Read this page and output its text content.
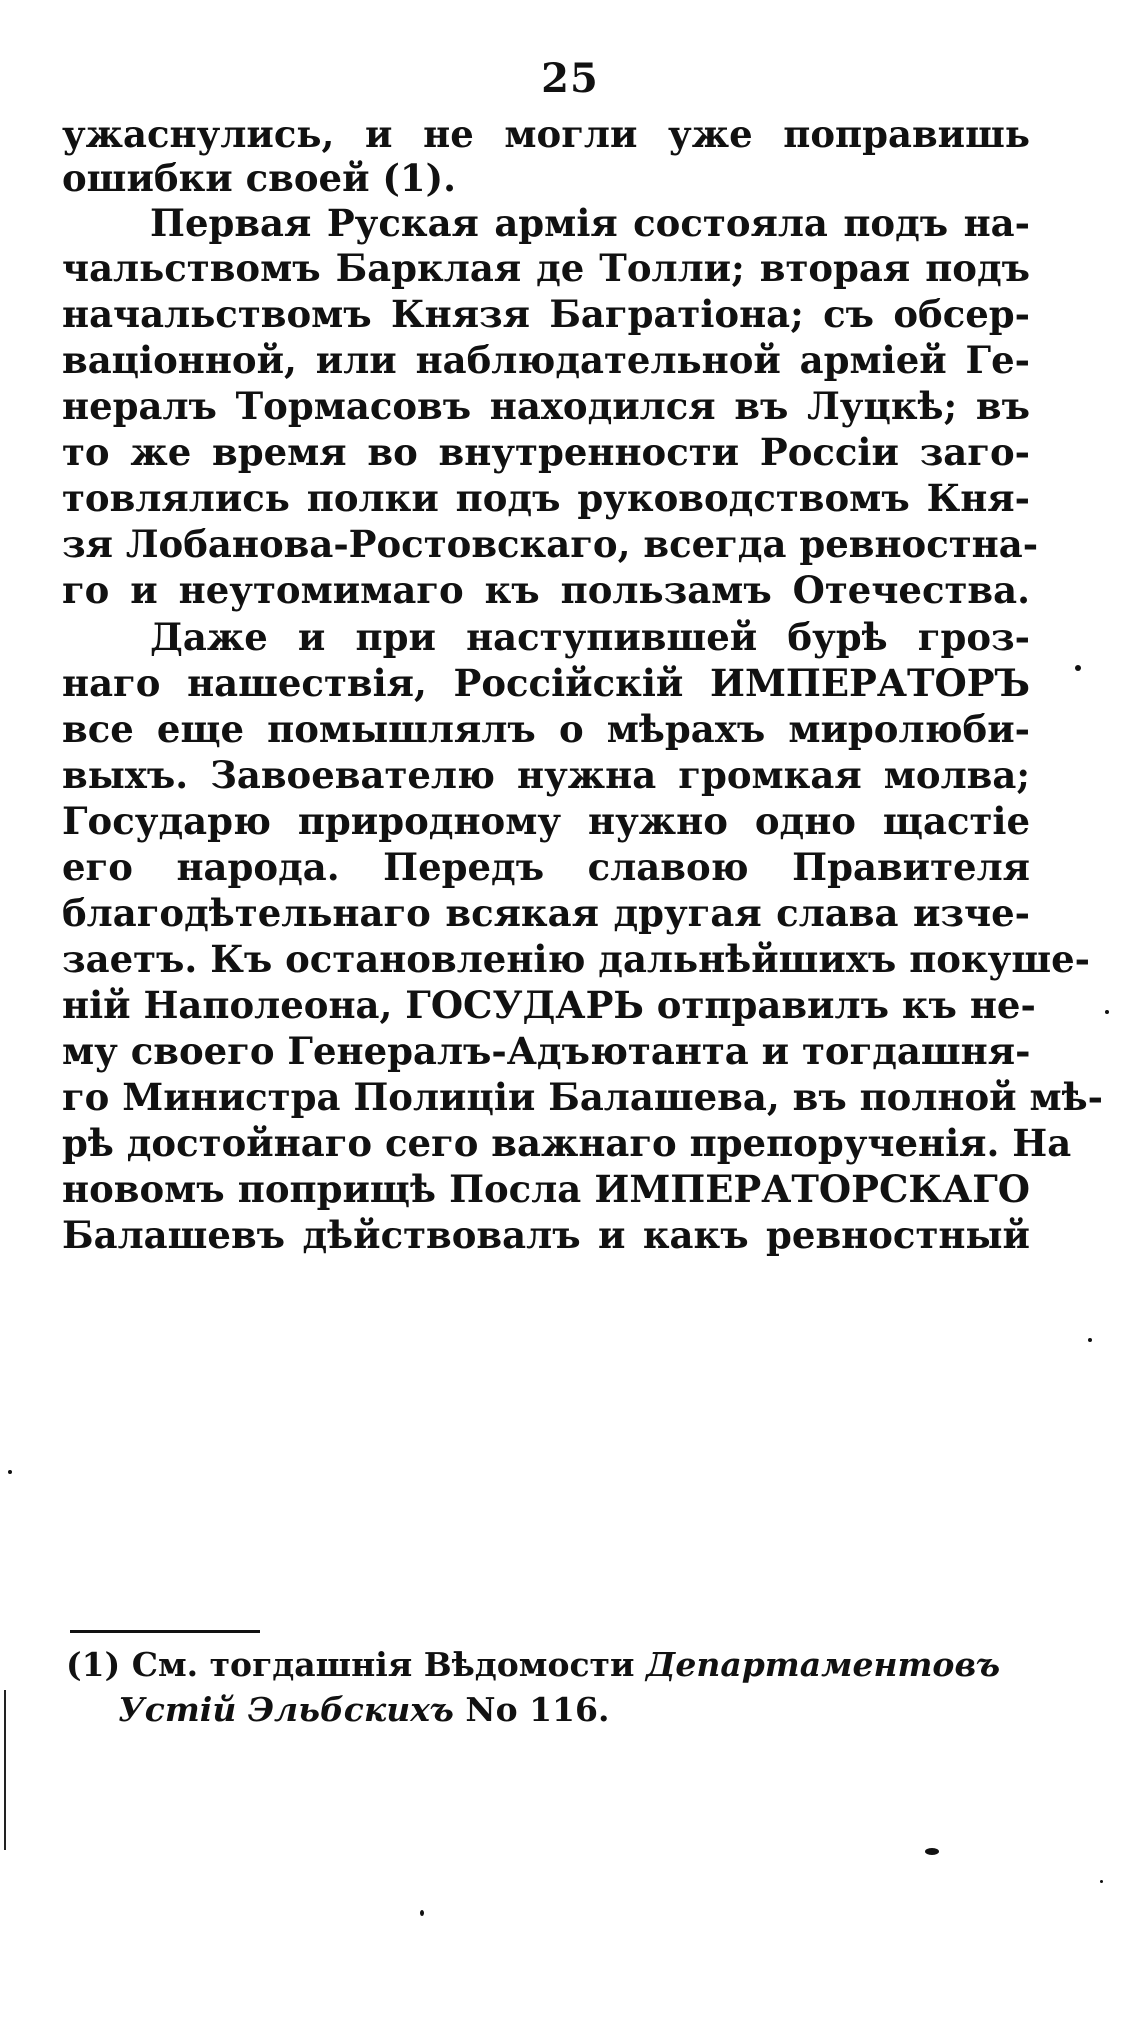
25
ужаснулись, и не могли уже поправишь
ошибки своей (1).
Первая Руская армія состояла подъ на-
чальствомъ Барклая де Толли; вторая подъ
начальствомъ Князя Багратіона; съ обсер-
ваціонной, или наблюдательной арміей Ге-
нералъ Тормасовъ находился въ Луцкѣ; въ
то же время во внутренности Россіи заго-
товлялись полки подъ руководствомъ Кня-
зя Лобанова-Ростовскаго, всегда ревностна-
го и неутомимаго къ пользамъ Отечества.
Даже и при наступившей бурѣ гроз-
наго нашествія, Россійскій ИМПЕРАТОРЪ
все еще помышлялъ о мѣрахъ миролюби-
выхъ. Завоевателю нужна громкая молва;
Государю природному нужно одно щастіе
его народа. Передъ славою Правителя
благодѣтельнаго всякая другая слава изче-
заетъ. Къ остановленію дальнѣйшихъ покуше-
ній Наполеона, ГОСУДАРЬ отправилъ къ не-
му своего Генералъ-Адъютанта и тогдашня-
го Министра Полиціи Балашева, въ полной мѣ-
рѣ достойнаго сего важнаго препорученія. На
новомъ поприщѣ Посла ИМПЕРАТОРСКАГО
Балашевъ дѣйствовалъ и какъ ревностный
(1) См. тогдашнія Вѣдомости Департаментовъ
Устій Эльбскихъ No 116.
